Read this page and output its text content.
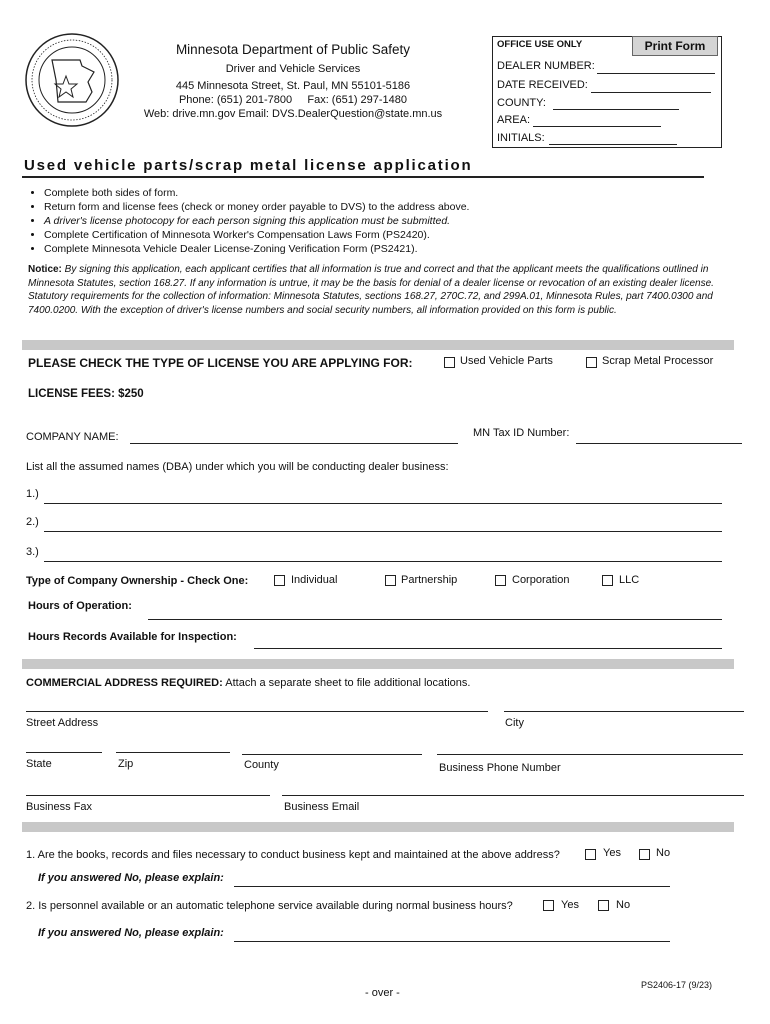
Minnesota Department of Public Safety
Driver and Vehicle Services
445 Minnesota Street, St. Paul, MN 55101-5186
Phone: (651) 201-7800     Fax: (651) 297-1480
Web: drive.mn.gov Email: DVS.DealerQuestion@state.mn.us
OFFICE USE ONLY
DEALER NUMBER:
DATE RECEIVED:
COUNTY:
AREA:
INITIALS:
Print Form
Used vehicle parts/scrap metal license application
• Complete both sides of form.
• Return form and license fees (check or money order payable to DVS) to the address above.
• A driver's license photocopy for each person signing this application must be submitted.
• Complete Certification of Minnesota Worker's Compensation Laws Form (PS2420).
• Complete Minnesota Vehicle Dealer License-Zoning Verification Form (PS2421).
Notice: By signing this application, each applicant certifies that all information is true and correct and that the applicant meets the qualifications outlined in Minnesota Statutes, section 168.27. If any information is untrue, it may be the basis for denial of a dealer license or revocation of an existing dealer license. Statutory requirements for the collection of information: Minnesota Statutes, sections 168.27, 270C.72, and 299A.01, Minnesota Rules, part 7400.0300 and 7400.0200. With the exception of driver's license numbers and social security numbers, all information provided on this form is public.
PLEASE CHECK THE TYPE OF LICENSE YOU ARE APPLYING FOR:	Used Vehicle Parts	Scrap Metal Processor
LICENSE FEES: $250
COMPANY NAME:	MN Tax ID Number:
List all the assumed names (DBA) under which you will be conducting dealer business:
1.)
2.)
3.)
Type of Company Ownership - Check One:	Individual	Partnership	Corporation	LLC
Hours of Operation:
Hours Records Available for Inspection:
COMMERCIAL ADDRESS REQUIRED: Attach a separate sheet to file additional locations.
Street Address	City
State	Zip	County	Business Phone Number
Business Fax	Business Email
1. Are the books, records and files necessary to conduct business kept and maintained at the above address?	Yes	No
If you answered No, please explain:
2. Is personnel available or an automatic telephone service available during normal business hours?	Yes	No
If you answered No, please explain:
- over -
PS2406-17 (9/23)
